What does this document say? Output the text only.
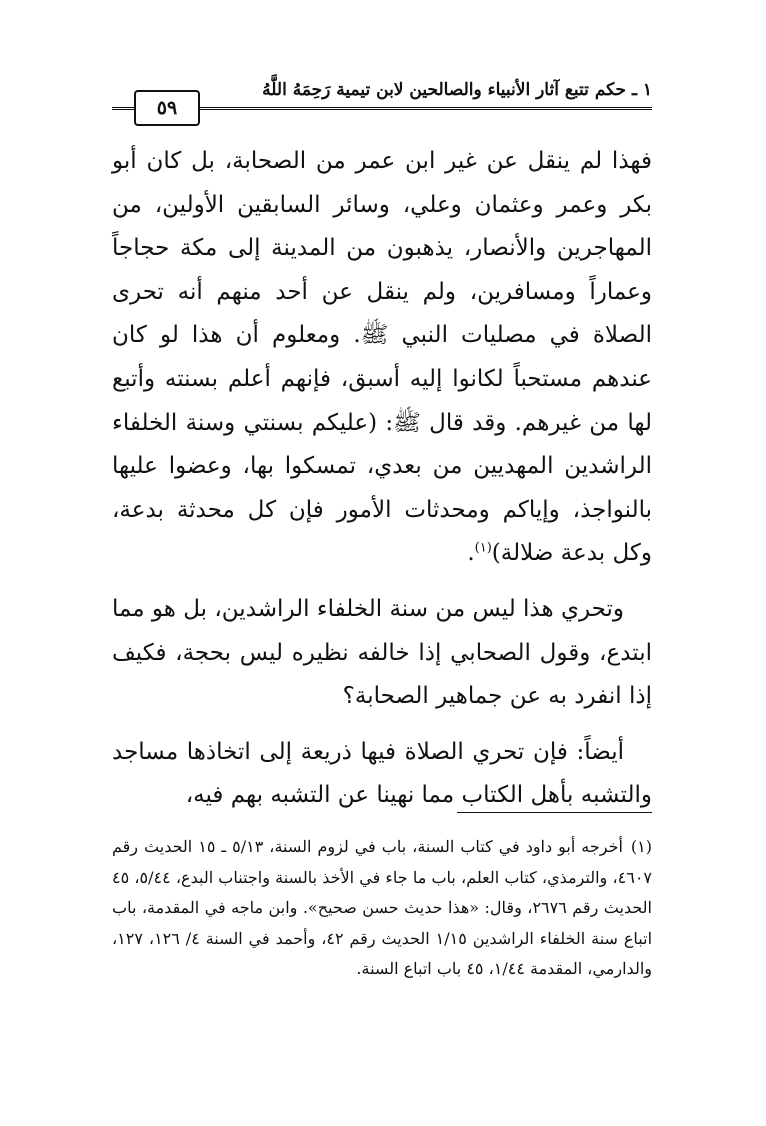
٥٩
١ ـ حكم تتبع آثار الأنبياء والصالحين لابن تيمية رَحِمَهُ اللَّهُ

فهذا لم ينقل عن غير ابن عمر من الصحابة، بل كان أبو بكر وعمر وعثمان وعلي، وسائر السابقين الأولين، من المهاجرين والأنصار، يذهبون من المدينة إلى مكة حجاجاً وعماراً ومسافرين، ولم ينقل عن أحد منهم أنه تحرى الصلاة في مصليات النبي ﷺ. ومعلوم أن هذا لو كان عندهم مستحباً لكانوا إليه أسبق، فإنهم أعلم بسنته وأتبع لها من غيرهم. وقد قال ﷺ: (عليكم بسنتي وسنة الخلفاء الراشدين المهديين من بعدي، تمسكوا بها، وعضوا عليها بالنواجذ، وإياكم ومحدثات الأمور فإن كل محدثة بدعة، وكل بدعة ضلالة)$^{(١)}$.

وتحري هذا ليس من سنة الخلفاء الراشدين، بل هو مما ابتدع، وقول الصحابي إذا خالفه نظيره ليس بحجة، فكيف إذا انفرد به عن جماهير الصحابة؟

أيضاً: فإن تحري الصلاة فيها ذريعة إلى اتخاذها مساجد والتشبه بأهل الكتاب مما نهينا عن التشبه بهم فيه،

(١)أخرجه أبو داود في كتاب السنة، باب في لزوم السنة، ٥/١٣ ـ ١٥ الحديث رقم ٤٦٠٧، والترمذي، كتاب العلم، باب ما جاء في الأخذ بالسنة واجتناب البدع، ٥/٤٤، ٤٥ الحديث رقم ٢٦٧٦، وقال: «هذا حديث حسن صحيح». وابن ماجه في المقدمة، باب اتباع سنة الخلفاء الراشدين ١/١٥ الحديث رقم ٤٢، وأحمد في السنة ٤/ ١٢٦، ١٢٧، والدارمي، المقدمة ١/٤٤، ٤٥ باب اتباع السنة.
